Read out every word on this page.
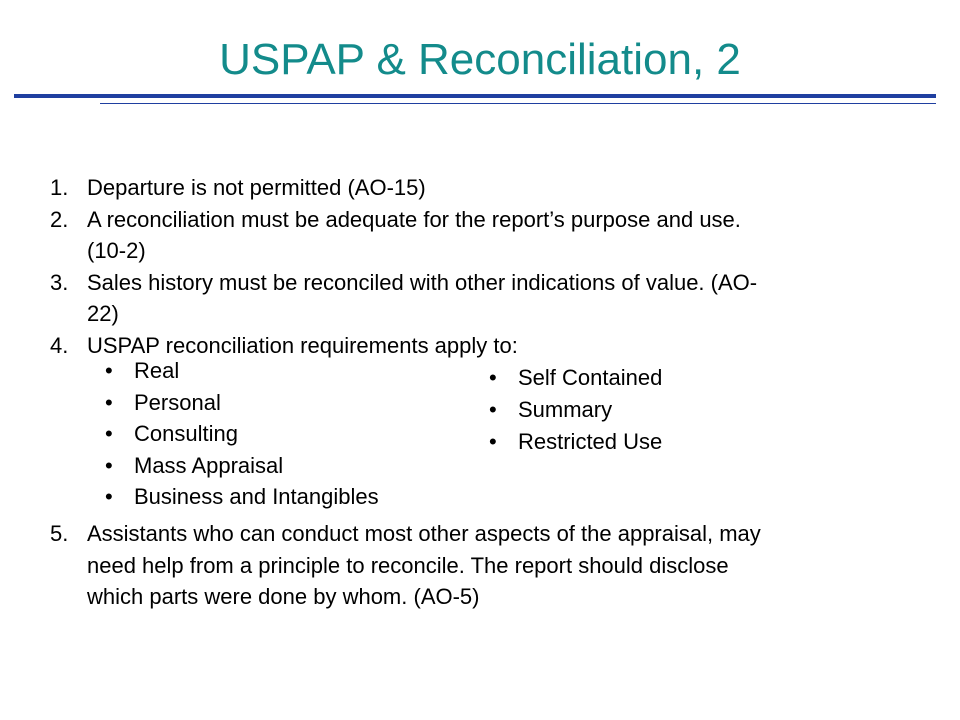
USPAP & Reconciliation, 2
1. Departure is not permitted (AO-15)
2. A reconciliation must be adequate for the report’s purpose and use.
(10-2)
3. Sales history must be reconciled with other indications of value. (AO-
22)
4. USPAP reconciliation requirements apply to:
• Real
• Personal
• Consulting
• Mass Appraisal
• Business and Intangibles
• Self Contained
• Summary
• Restricted Use
5. Assistants who can conduct most other aspects of the appraisal, may
need help from a principle to reconcile. The report should disclose
which parts were done by whom. (AO-5)
